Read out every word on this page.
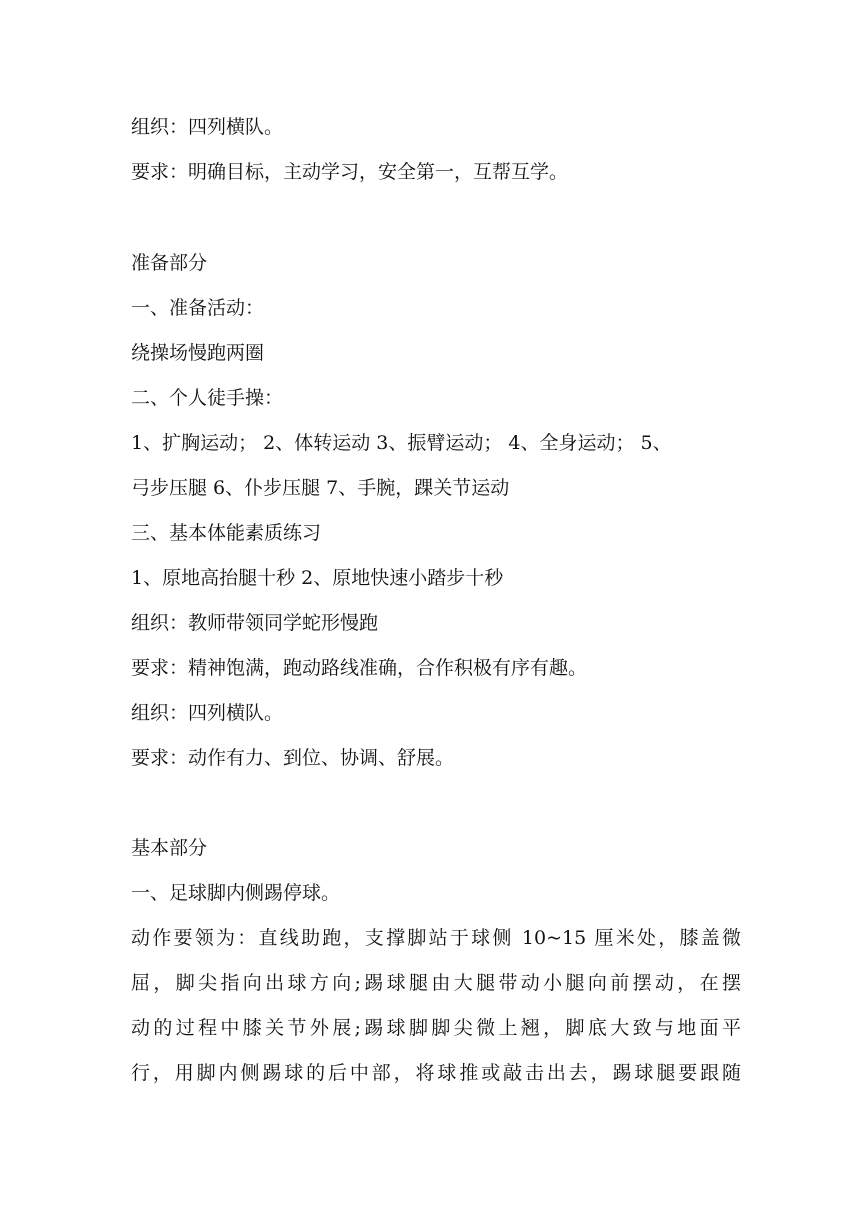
组织：四列横队。
要求：明确目标，主动学习，安全第一，互帮互学。
准备部分
一、准备活动：
绕操场慢跑两圈
二、个人徒手操：
1、扩胸运动； 2、体转运动 3、振臂运动； 4、全身运动； 5、
弓步压腿 6、仆步压腿 7、手腕，踝关节运动
三、基本体能素质练习
1、原地高抬腿十秒 2、原地快速小踏步十秒
组织：教师带领同学蛇形慢跑
要求：精神饱满，跑动路线准确，合作积极有序有趣。
组织：四列横队。
要求：动作有力、到位、协调、舒展。
基本部分
一、足球脚内侧踢停球。
动作要领为：直线助跑，支撑脚站于球侧 10~15 厘米处，膝盖微
屈，脚尖指向出球方向;踢球腿由大腿带动小腿向前摆动，在摆
动的过程中膝关节外展;踢球脚脚尖微上翘，脚底大致与地面平
行，用脚内侧踢球的后中部，将球推或敲击出去，踢球腿要跟随
